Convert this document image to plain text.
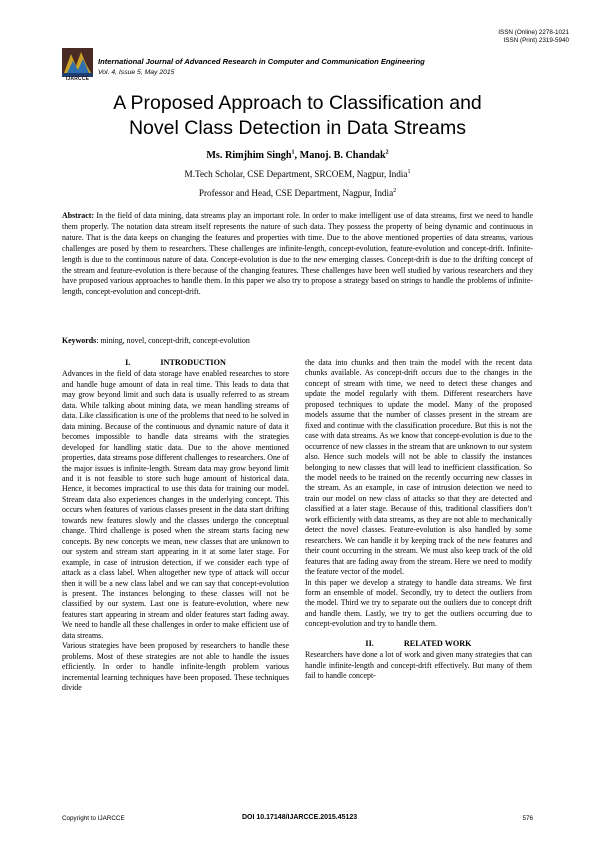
ISSN (Online) 2278-1021
ISSN (Print) 2319-5940
IJARCCE
International Journal of Advanced Research in Computer and Communication Engineering
Vol. 4, Issue 5, May 2015
A Proposed Approach to Classification and
Novel Class Detection in Data Streams
Ms. Rimjhim Singh$^1$, Manoj. B. Chandak$^2$
M.Tech Scholar, CSE Department, SRCOEM, Nagpur, India$^1$
Professor and Head, CSE Department, Nagpur, India$^2$
Abstract: In the field of data mining, data streams play an important role. In order to make intelligent use of data streams, first we need to handle them properly. The notation data stream itself represents the nature of such data. They possess the property of being dynamic and continuous in nature. That is the data keeps on changing the features and properties with time. Due to the above mentioned properties of data streams, various challenges are posed by them to researchers. These challenges are infinite-length, concept-evolution, feature-evolution and concept-drift. Infinite-length is due to the continuous nature of data. Concept-evolution is due to the new emerging classes. Concept-drift is due to the drifting concept of the stream and feature-evolution is there because of the changing features. These challenges have been well studied by various researchers and they have proposed various approaches to handle them. In this paper we also try to propose a strategy based on strings to handle the problems of infinite-length, concept-evolution and concept-drift.
Keywords: mining, novel, concept-drift, concept-evolution
I.	INTRODUCTION

Advances in the field of data storage have enabled researches to store and handle huge amount of data in real time. This leads to data that may grow beyond limit and such data is usually referred to as stream data. While talking about mining data, we mean handling streams of data. Like classification is one of the problems that need to be solved in data mining. Because of the continuous and dynamic nature of data it becomes impossible to handle data streams with the strategies developed for handling static data. Due to the above mentioned properties, data streams pose different challenges to researchers. One of the major issues is infinite-length. Stream data may grow beyond limit and it is not feasible to store such huge amount of historical data. Hence, it becomes impractical to use this data for training our model. Stream data also experiences changes in the underlying concept. This occurs when features of various classes present in the data start drifting towards new features slowly and the classes undergo the conceptual change. Third challenge is posed when the stream starts facing new concepts. By new concepts we mean, new classes that are unknown to our system and stream start appearing in it at some later stage. For example, in case of intrusion detection, if we consider each type of attack as a class label. When altogether new type of attack will occur then it will be a new class label and we can say that concept-evolution is present. The instances belonging to these classes will not be classified by our system. Last one is feature-evolution, where new features start appearing in stream and older features start fading away. We need to handle all these challenges in order to make efficient use of data streams.

Various strategies have been proposed by researchers to handle these problems. Most of these strategies are not able to handle the issues efficiently. In order to handle infinite-length problem various incremental learning techniques have been proposed. These techniques divide

the data into chunks and then train the model with the recent data chunks available. As concept-drift occurs due to the changes in the concept of stream with time, we need to detect these changes and update the model regularly with them. Different researchers have proposed techniques to update the model. Many of the proposed models assume that the number of classes present in the stream are fixed and continue with the classification procedure. But this is not the case with data streams. As we know that concept-evolution is due to the occurrence of new classes in the stream that are unknown to our system also. Hence such models will not be able to classify the instances belonging to new classes that will lead to inefficient classification. So the model needs to be trained on the recently occurring new classes in the stream. As an example, in case of intrusion detection we need to train our model on new class of attacks so that they are detected and classified at a later stage. Because of this, traditional classifiers don’t work efficiently with data streams, as they are not able to mechanically detect the novel classes. Feature-evolution is also handled by some researchers. We can handle it by keeping track of the new features and their count occurring in the stream. We must also keep track of the old features that are fading away from the stream. Here we need to modify the feature vector of the model.

In this paper we develop a strategy to handle data streams. We first form an ensemble of model. Secondly, try to detect the outliers from the model. Third we try to separate out the outliers due to concept drift and handle them. Lastly, we try to get the outliers occurring due to concept-evolution and try to handle them.

II.	RELATED WORK

Researchers have done a lot of work and given many strategies that can handle infinite-length and concept-drift effectively. But many of them fail to handle concept-

Copyright to IJARCCE	DOI 10.17148/IJARCCE.2015.45123	576
